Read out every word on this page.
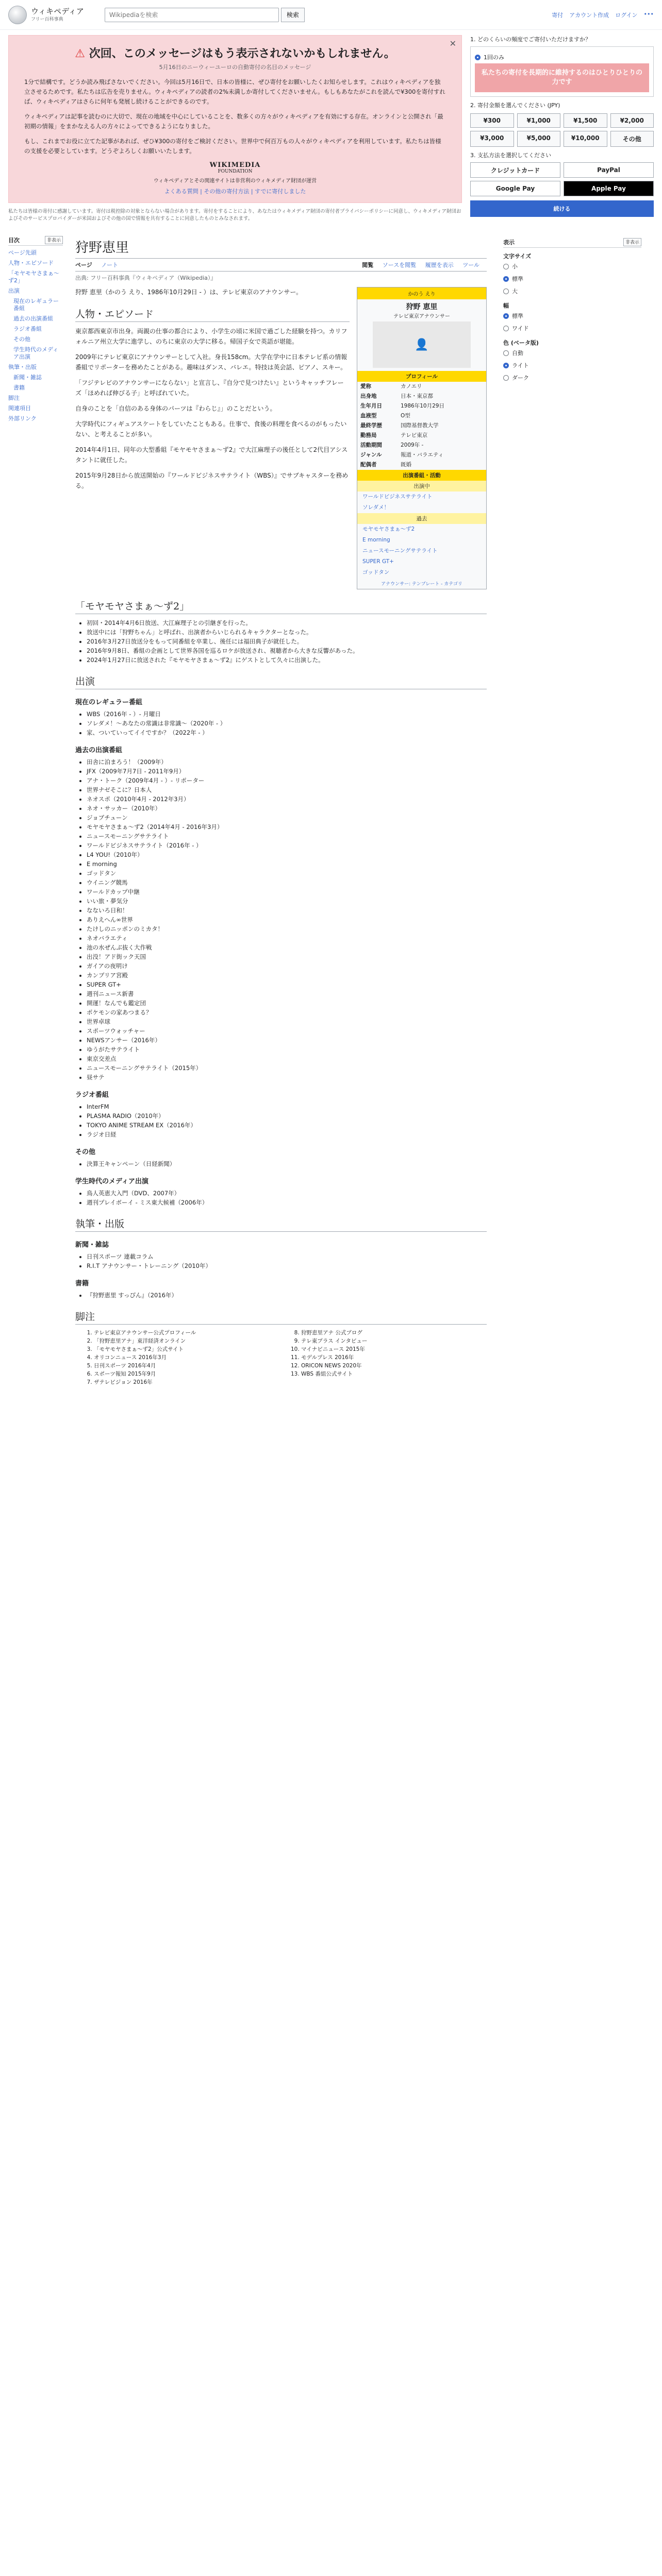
ウィキペディア
フリー百科事典
Wikipediaを検索
検索	寄付 アカウント作成 ログイン •••
✕
⚠ 次回、このメッセージはもう表示されないかもしれません。
5月16日のニーウィーユーロの自動寄付の名目のメッセージ

1分で結構です。どうか読み飛ばさないでください。今回は5月16日で、日本の皆様に、ぜひ寄付をお願いしたくお知らせします。これはウィキペディアを独立させるためです。私たちは広告を売りません。ウィキペディアの読者の2%未満しか寄付してくださいません。もしもあなたがこれを読んで¥300を寄付すれば、ウィキペディアはさらに何年も発展し続けることができるのです。

ウィキペディアは記事を読むのに大切で、現在の地域を中心にしていることを、数多くの方々がウィキペディアを有効にする存在。オンラインと公開され「最初期の情報」をまかなえる人の方々によってできるようになりました。

もし、これまでお役に立てた記事があれば、ぜひ¥300の寄付をご検討ください。世界中で何百万もの人々がウィキペディアを利用しています。私たちは皆様の支援を必要としています。どうぞよろしくお願いいたします。

WIKIMEDIA
FOUNDATION
ウィキペディアとその関連サイトは非営利のウィキメディア財団が運営
よくある質問 | その他の寄付方法 | すでに寄付しました
私たちは皆様の寄付に感謝しています。寄付は税控除の対象とならない場合があります。寄付をすることにより、あなたはウィキメディア財団の寄付者プライバシーポリシーに同意し、ウィキメディア財団およびそのサービスプロバイダーが米国およびその他の国で情報を共有することに同意したものとみなされます。
1. どのくらいの頻度でご寄付いただけますか？
1回のみ
私たちの寄付を長期的に維持するのはひとりひとりの力です
2. 寄付金額を選んでください (JPY)
¥300	¥1,000	¥1,500	¥2,000
¥3,000	¥5,000	¥10,000	その他
3. 支払方法を選択してください
クレジットカード	PayPal
Google Pay	Apple Pay
続ける
目次	非表示
ページ先頭
人物・エピソード
「モヤモヤさまぁ〜ず2」
出演
現在のレギュラー番組
過去の出演番組
ラジオ番組
その他
学生時代のメディア出演
執筆・出版
新聞・雑誌
書籍
脚注
関連項目
外部リンク
狩野恵里
ページ ノート	閲覧 ソースを閲覧 履歴を表示 ツール
出典: フリー百科事典『ウィキペディア（Wikipedia）』

狩野 恵里（かのう えり、1986年10月29日 - ）は、テレビ東京のアナウンサー。

人物・エピソード

東京都西東京市出身。両親の仕事の都合により、小学生の頃に米国で過ごした経験を持つ。カリフォルニア州立大学に進学し、のちに東京の大学に移る。帰国子女で英語が堪能。

2009年にテレビ東京にアナウンサーとして入社。身長158cm。大学在学中に日本テレビ系の情報番組でリポーターを務めたことがある。趣味はダンス、バレエ。特技は英会話、ピアノ、スキー。

「フジテレビのアナウンサーにならない」と宣言し、『自分で見つけたい』というキャッチフレーズ「ほめれば伸びる子」と呼ばれていた。

自身のことを「自信のある身体のパーツは『わらじ』」のことだという。

大学時代にフィギュアスケートをしていたこともある。仕事で、食後の料理を食べるのがもったいない、と考えることが多い。

2014年4月1日、同年の大型番組『モヤモヤさまぁ〜ず2』で大江麻理子の後任として2代目アシスタントに就任した。

2015年9月28日から放送開始の『ワールドビジネスサテライト（WBS）』でサブキャスターを務める。

かのう えり
狩野 恵里
テレビ東京アナウンサー
👤
プロフィール
愛称	カノエリ
出身地	日本・東京都
生年月日	1986年10月29日
血液型	O型
最終学歴	国際基督教大学
勤務局	テレビ東京
活動期間	2009年 -
ジャンル	報道・バラエティ
配偶者	既婚
出演番組・活動
出演中
ワールドビジネスサテライト
ソレダメ！
過去
モヤモヤさまぁ〜ず2
E morning
ニュースモーニングサテライト
SUPER GT+
ゴッドタン
アナウンサー: テンプレート - カテゴリ
「モヤモヤさまぁ〜ず2」
• 初回・2014年4月6日放送、大江麻理子との引継ぎを行った。
• 放送中には「狩野ちゃん」と呼ばれ、出演者からいじられるキャラクターとなった。
• 2016年3月27日放送分をもって同番組を卒業し、後任には福田典子が就任した。
• 2016年9月8日、番組の企画として世界各国を巡るロケが放送され、視聴者から大きな反響があった。
• 2024年1月27日に放送された『モヤモヤさまぁ〜ず2』にゲストとして久々に出演した。
出演
現在のレギュラー番組
• WBS（2016年 - ）- 月曜日
• ソレダメ！〜あなたの常識は非常識〜（2020年 - ）
• 家、ついていってイイですか？（2022年 - ）
過去の出演番組
• 田舎に泊まろう！（2009年）
• JFX（2009年7月7日 - 2011年9月）
• アナ・トーク（2009年4月 - ）- リポーター
• 世界ナゼそこに？日本人
• ネオスポ（2010年4月 - 2012年3月）
• ネオ・サッカー（2010年）
• ジョブチューン
• モヤモヤさまぁ〜ず2（2014年4月 - 2016年3月）
• ニュースモーニングサテライト
• ワールドビジネスサテライト（2016年 - ）
• L4 YOU!（2010年）
• E morning
• ゴッドタン
• ウイニング競馬
• ワールドカップ中継
• いい旅・夢気分
• なないろ日和！
• ありえへん∞世界
• たけしのニッポンのミカタ！
• ネオバラエティ
• 池の水ぜんぶ抜く大作戦
• 出没！アド街ック天国
• ガイアの夜明け
• カンブリア宮殿
• SUPER GT+
• 週刊ニュース新書
• 開運！なんでも鑑定団
• ポケモンの家あつまる？
• 世界卓球
• スポーツウォッチャー
• NEWSアンサー（2016年）
• ゆうがたサテライト
• 東京交差点
• ニュースモーニングサテライト（2015年）
• 昼サテ
ラジオ番組
• InterFM
• PLASMA RADIO（2010年）
• TOKYO ANIME STREAM EX（2016年）
• ラジオ日経
その他
• 決算王キャンペーン（日経新聞）
学生時代のメディア出演
• 鳥人英恵大入門（DVD、2007年）
• 週刊プレイボーイ - ミス東大候補（2006年）
執筆・出版
新聞・雑誌
• 日刊スポーツ 連載コラム
• R.I.T アナウンサー・トレーニング（2010年）
書籍
• 『狩野恵里 すっぴん』（2016年）
脚注
1. テレビ東京アナウンサー公式プロフィール
2. 「狩野恵里アナ」東洋経済オンライン
3. 「モヤモヤさまぁ〜ず2」公式サイト
4. オリコンニュース 2016年3月
5. 日刊スポーツ 2016年4月
6. スポーツ報知 2015年9月
7. ザテレビジョン 2016年
8. 狩野恵里アナ 公式ブログ
9. テレ東プラス インタビュー
10. マイナビニュース 2015年
11. モデルプレス 2016年
12. ORICON NEWS 2020年
13. WBS 番組公式サイト
表示	非表示
文字サイズ
小
標準
大
幅
標準
ワイド
色 (ベータ版)
自動
ライト
ダーク
